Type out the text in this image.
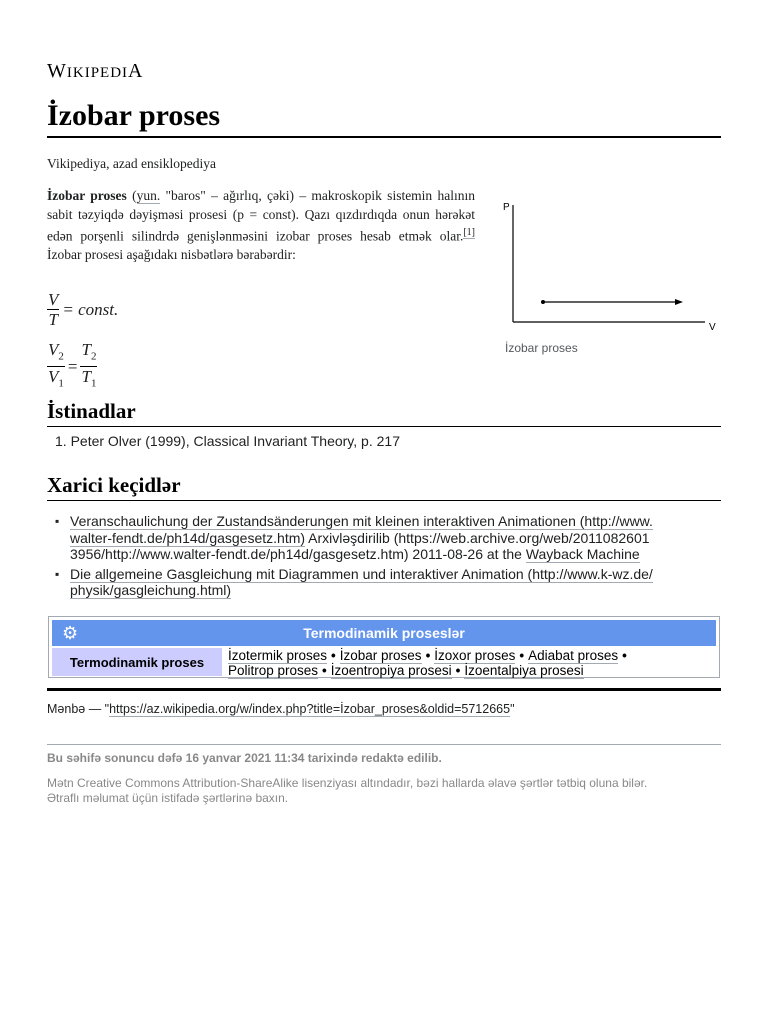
WIKIPEDIA
İzobar proses
Vikipediya, azad ensiklopediya

İzobar proses (yun. "baros" – ağırlıq, çəki) – makroskopik sistemin halının sabit təzyiqdə dəyişməsi prosesi (p = const). Qazı qızdırdıqda onun hərəkət edən porşenli silindrdə genişlənməsini izobar proses hesab etmək olar.[1] İzobar prosesi aşağıdakı nisbətlərə bərabərdir:

$\frac{V}{T}$ = const.
$\frac{V_2}{V_1} = \frac{T_2}{T_1}$
P
V
İzobar proses
İstinadlar

1. Peter Olver (1999), Classical Invariant Theory, p. 217

Xarici keçidlər
▪ Veranschaulichung der Zustandsänderungen mit kleinen interaktiven Animationen (http://www.
walter-fendt.de/ph14d/gasgesetz.htm) Arxivləşdirilib (https://web.archive.org/web/2011082601
3956/http://www.walter-fendt.de/ph14d/gasgesetz.htm) 2011-08-26 at the Wayback Machine
▪ Die allgemeine Gasgleichung mit Diagrammen und interaktiver Animation (http://www.k-wz.de/
physik/gasgleichung.html)
⚙	Termodinamik proseslər
Termodinamik proses	İzotermik proses • İzobar proses • İzoxor proses • Adiabat proses •
Politrop proses • İzoentropiya prosesi • İzoentalpiya prosesi
Mənbə — "https://az.wikipedia.org/w/index.php?title=İzobar_proses&oldid=5712665"
Bu səhifə sonuncu dəfə 16 yanvar 2021 11:34 tarixində redaktə edilib.
Mətn Creative Commons Attribution-ShareAlike lisenziyası altındadır, bəzi hallarda əlavə şərtlər tətbiq oluna bilər.
Ətraflı məlumat üçün istifadə şərtlərinə baxın.
